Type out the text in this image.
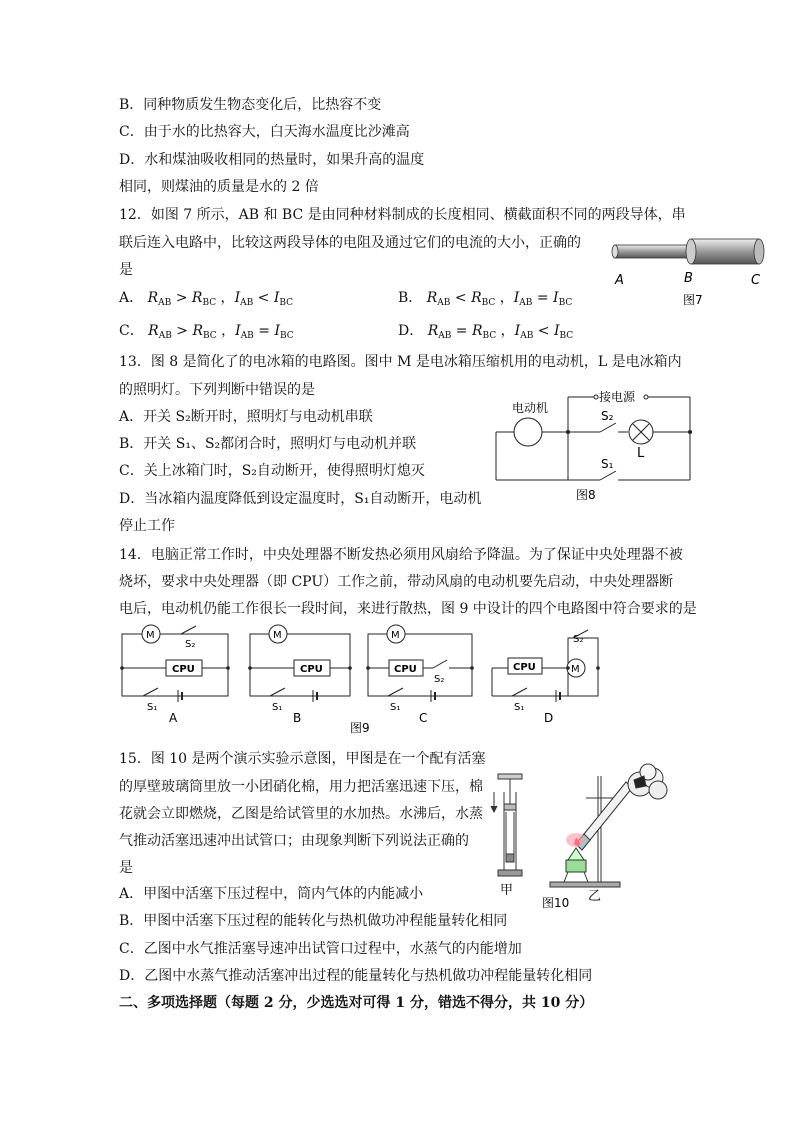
B．同种物质发生物态变化后，比热容不变
C．由于水的比热容大，白天海水温度比沙滩高
D．水和煤油吸收相同的热量时，如果升高的温度
相同，则煤油的质量是水的 2 倍
12．如图 7 所示，AB 和 BC 是由同种材料制成的长度相同、横截面积不同的两段导体，串
联后连入电路中，比较这两段导体的电阻及通过它们的电流的大小，正确的
是
A． $R_{AB} > R_{BC}$ ，$I_{AB} < I_{BC}$	B． $R_{AB} < R_{BC}$ ，$I_{AB} = I_{BC}$
C． $R_{AB} > R_{BC}$ ，$I_{AB} = I_{BC}$	D． $R_{AB} = R_{BC}$ ，$I_{AB} < I_{BC}$
A	B	C
图7
13．图 8 是简化了的电冰箱的电路图。图中 M 是电冰箱压缩机用的电动机，L 是电冰箱内
的照明灯。下列判断中错误的是
A．开关 S₂断开时，照明灯与电动机串联
B．开关 S₁、S₂都闭合时，照明灯与电动机并联
C．关上冰箱门时，S₂自动断开，使得照明灯熄灭
D．当冰箱内温度降低到设定温度时，S₁自动断开，电动机
停止工作
电动机
接电源
S₂
L
S₁
图8
14．电脑正常工作时，中央处理器不断发热必须用风扇给予降温。为了保证中央处理器不被
烧坏，要求中央处理器（即 CPU）工作之前，带动风扇的电动机要先启动，中央处理器断
电后，电动机仍能工作很长一段时间，来进行散热，图 9 中设计的四个电路图中符合要求的是
M	M	M
M
CPU	CPU	CPU	CPU
S₂
S₁	S₁
S₂
S₁
S₂
S₁
A	B	C	D
图9
15．图 10 是两个演示实验示意图，甲图是在一个配有活塞
的厚壁玻璃筒里放一小团硝化棉，用力把活塞迅速下压，棉
花就会立即燃烧，乙图是给试管里的水加热。水沸后，水蒸
气推动活塞迅速冲出试管口；由现象判断下列说法正确的
是
A．甲图中活塞下压过程中，筒内气体的内能减小
B．甲图中活塞下压过程的能转化与热机做功冲程能量转化相同
C．乙图中水气推活塞导速冲出试管口过程中，水蒸气的内能增加
D．乙图中水蒸气推动活塞冲出过程的能量转化与热机做功冲程能量转化相同
二、多项选择题（每题 2 分，少选选对可得 1 分，错选不得分，共 10 分）
甲
图10 乙
